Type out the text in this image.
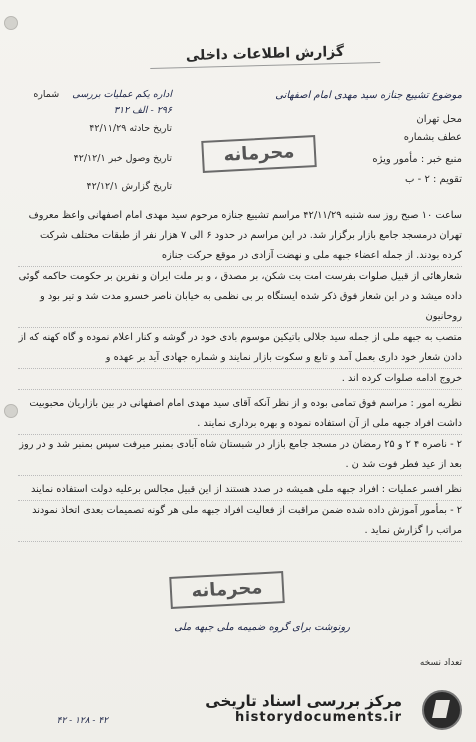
گزارش اطلاعات داخلی
اداره یکم عملیات بررسی شماره
۲۹۶ - الف ۳۱۲
تاریخ حادثه ۴۲/۱۱/۲۹
تاریخ وصول خبر ۴۲/۱۲/۱
تاریخ گزارش ۴۲/۱۲/۱
موضوع تشییع جنازه سید مهدی امام اصفهانی
محل تهران
عطف بشماره
منبع خبر : مأمور ویژه
تقویم : ۲ - ب
محرمانه

ساعت ۱۰ صبح روز سه شنبه ۴۲/۱۱/۲۹ مراسم تشییع جنازه مرحوم سید مهدی امام اصفهانی واعظ معروف تهران درمسجد جامع بازار برگزار شد. در این مراسم در حدود ۶ الی ۷ هزار نفر از طبقات مختلف شرکت کرده بودند. از جمله اعضاء جبهه ملی و نهضت آزادی در موقع حرکت جنازه

شعارهائی از قبیل صلوات بفرست امت بت شکن، بر مصدق ، و بر ملت ایران و نفرین بر حکومت حاکمه گوئی داده میشد و در این شعار فوق ذکر شده ایستگاه بر بی نظمی به خیابان ناصر خسرو مدت شد و تیر بود و روحانیون

متصب به جبهه ملی از جمله سید جلالی باتیکین موسوم بادی خود در گوشه و کنار اعلام نموده و گاه کهنه که از دادن شعار خود داری بعمل آمد و تابع و سکوت بازار نمایند و شماره جهادی آید بر عهده و

خروج ادامه صلوات کرده اند .

نظریه امور : مراسم فوق تمامی بوده و از نظر آنکه آقای سید مهدی امام اصفهانی در بین بازاریان محبوبیت داشت افراد جبهه ملی از آن استفاده نموده و بهره برداری نمایند .

۲ - ناصره ۴ ۲ و ۲۵ رمضان در مسجد جامع بازار در شبستان شاه آبادی بمنبر میرفت سپس بمنبر شد و در روز بعد از عید فطر فوت شد ن .

نظر افسر عملیات : افراد جبهه ملی همیشه در صدد هستند از این قبیل مجالس برعلیه دولت استفاده نمایند

۲ - بمأمور آموزش داده شده ضمن مراقبت از فعالیت افراد جبهه ملی هر گونه تصمیمات بعدی اتخاذ نمودند مراتب را گزارش نماید .

محرمانه
رونوشت برای گروه ضمیمه ملی جبهه ملی
تعداد نسخه
۴۲ - ۱۲۸ - ۴۲
مرکز بررسی اسناد تاریخی
historydocuments.ir
